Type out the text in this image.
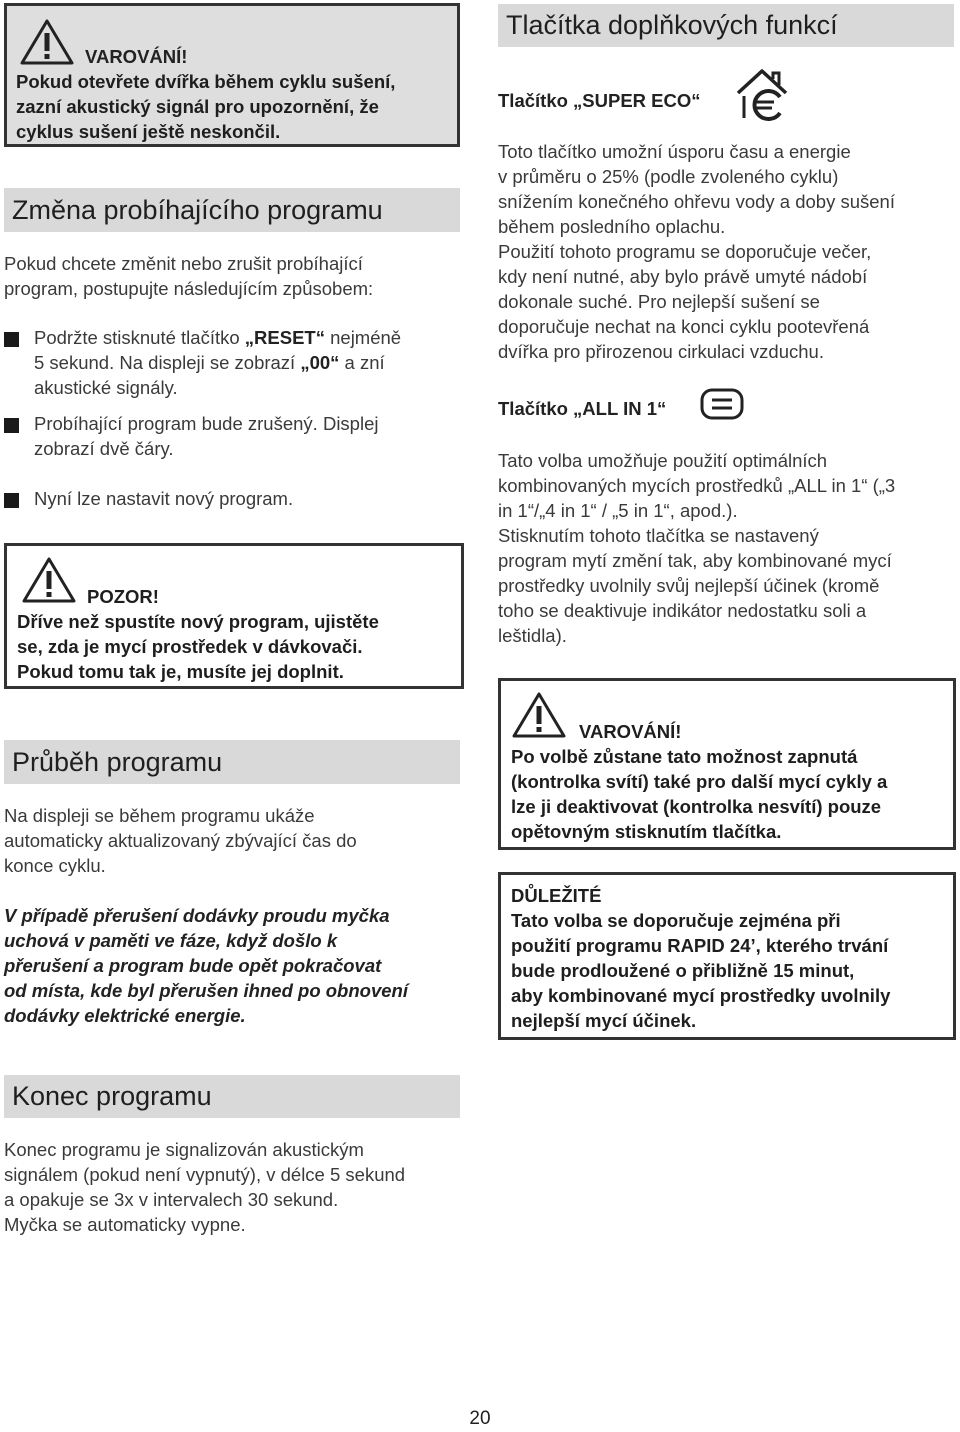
VAROVÁNÍ!
Pokud otevřete dvířka během cyklu sušení,
zazní akustický signál pro upozornění, že
cyklus sušení ještě neskončil.
Změna probíhajícího programu
Pokud chcete změnit nebo zrušit probíhající
program, postupujte následujícím způsobem:
Podržte stisknuté tlačítko „RESET“ nejméně
5 sekund. Na displeji se zobrazí „00“ a zní
akustické signály.
Probíhající program bude zrušený. Displej
zobrazí dvě čáry.
Nyní lze nastavit nový program.
POZOR!
Dříve než spustíte nový program, ujistěte
se, zda je mycí prostředek v dávkovači.
Pokud tomu tak je, musíte jej doplnit.
Průběh programu
Na displeji se během programu ukáže
automaticky aktualizovaný zbývající čas do
konce cyklu.
V případě přerušení dodávky proudu myčka
uchová v paměti ve fáze, když došlo k
přerušení a program bude opět pokračovat
od místa, kde byl přerušen ihned po obnovení
dodávky elektrické energie.
Konec programu
Konec programu je signalizován akustickým
signálem (pokud není vypnutý), v délce 5 sekund
a opakuje se 3x v intervalech 30 sekund.
Myčka se automaticky vypne.
Tlačítka doplňkových funkcí
Tlačítko „SUPER ECO“
Toto tlačítko umožní úsporu času a energie
v průměru o 25% (podle zvoleného cyklu)
snížením konečného ohřevu vody a doby sušení
během posledního oplachu.
Použití tohoto programu se doporučuje večer,
kdy není nutné, aby bylo právě umyté nádobí
dokonale suché. Pro nejlepší sušení se
doporučuje nechat na konci cyklu pootevřená
dvířka pro přirozenou cirkulaci vzduchu.
Tlačítko „ALL IN 1“
Tato volba umožňuje použití optimálních
kombinovaných mycích prostředků „ALL in 1“ („3
in 1“/„4 in 1“ / „5 in 1“, apod.).
Stisknutím tohoto tlačítka se nastavený
program mytí změní tak, aby kombinované mycí
prostředky uvolnily svůj nejlepší účinek (kromě
toho se deaktivuje indikátor nedostatku soli a
leštidla).
VAROVÁNÍ!
Po volbě zůstane tato možnost zapnutá
(kontrolka svítí) také pro další mycí cykly a
lze ji deaktivovat (kontrolka nesvítí) pouze
opětovným stisknutím tlačítka.
DŮLEŽITÉ
Tato volba se doporučuje zejména při
použití programu RAPID 24’, kterého trvání
bude prodloužené o přibližně 15 minut,
aby kombinované mycí prostředky uvolnily
nejlepší mycí účinek.
20
